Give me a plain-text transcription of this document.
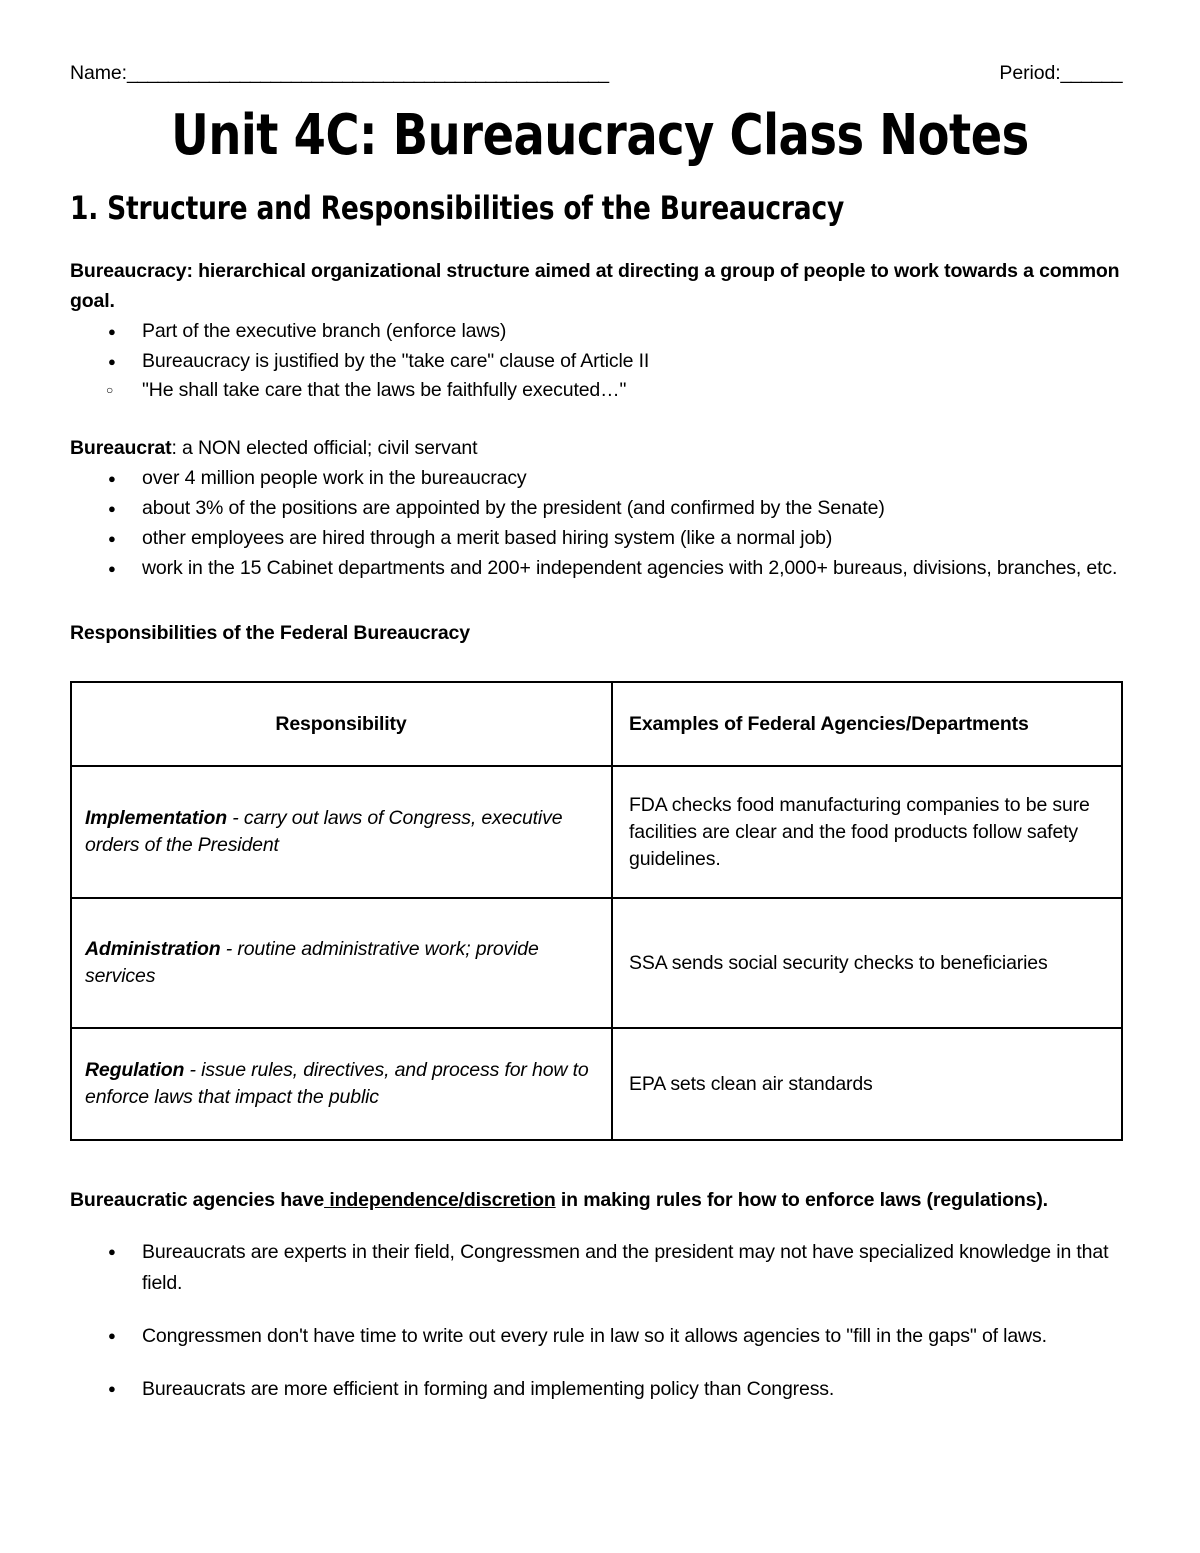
Name: _______________________________________________	Period: ______
Unit 4C: Bureaucracy Class Notes
1. Structure and Responsibilities of the Bureaucracy
Bureaucracy: hierarchical organizational structure aimed at directing a group of people to work towards a common goal.
● Part of the executive branch (enforce laws)
● Bureaucracy is justified by the "take care" clause of Article II
○ "He shall take care that the laws be faithfully executed…"
Bureaucrat: a NON elected official; civil servant
● over 4 million people work in the bureaucracy
● about 3% of the positions are appointed by the president (and confirmed by the Senate)
● other employees are hired through a merit based hiring system (like a normal job)
● work in the 15 Cabinet departments and 200+ independent agencies with 2,000+ bureaus, divisions, branches, etc.
Responsibilities of the Federal Bureaucracy
Responsibility	Examples of Federal Agencies/Departments
Implementation - carry out laws of Congress, executive orders of the President	FDA checks food manufacturing companies to be sure facilities are clear and the food products follow safety guidelines.
Administration - routine administrative work; provide services	SSA sends social security checks to beneficiaries
Regulation - issue rules, directives, and process for how to enforce laws that impact the public	EPA sets clean air standards
Bureaucratic agencies have independence/discretion in making rules for how to enforce laws (regulations).
● Bureaucrats are experts in their field, Congressmen and the president may not have specialized knowledge in that field.
● Congressmen don't have time to write out every rule in law so it allows agencies to "fill in the gaps" of laws.
● Bureaucrats are more efficient in forming and implementing policy than Congress.
